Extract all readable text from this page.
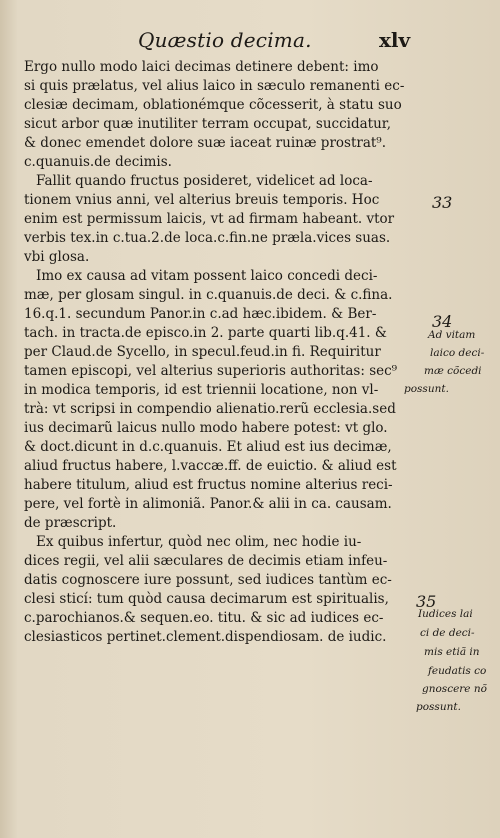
Quæstio decima.	xlv
Ergo nullo modo laici decimas detinere debent: imo
si quis prælatus, vel alius laico in sæculo remanenti ec-
clesiæ decimam, oblationémque cõcesserit, à statu suo
sicut arbor quæ inutiliter terram occupat, succidatur,
& donec emendet dolore suæ iaceat ruinæ prostrat⁹.
c.quanuis.de decimis.
Fallit quando fructus posideret, videlicet ad loca-
tionem vnius anni, vel alterius breuis temporis. Hoc
enim est permissum laicis, vt ad firmam habeant. vtor
verbis tex.in c.tua.2.de loca.c.fin.ne præla.vices suas.
vbi glosa.
Imo ex causa ad vitam possent laico concedi deci-
mæ, per glosam singul. in c.quanuis.de deci. & c.fina.
16.q.1. secundum Panor.in c.ad hæc.ibidem. & Ber-
tach. in tracta.de episco.in 2. parte quarti lib.q.41. &
per Claud.de Sycello, in specul.feud.in fi. Requiritur
tamen episcopi, vel alterius superioris authoritas: sec⁹
in modica temporis, id est triennii locatione, non vl-
trà: vt scripsi in compendio alienatio.rerũ ecclesia.sed
ius decimarũ laicus nullo modo habere potest: vt glo.
& doct.dicunt in d.c.quanuis. Et aliud est ius decimæ,
aliud fructus habere, l.vaccæ.ff. de euictio. & aliud est
habere titulum, aliud est fructus nomine alterius reci-
pere, vel fortè in alimoniã. Panor.& alii in ca. causam.
de præscript.
Ex quibus infertur, quòd nec olim, nec hodie iu-
dices regii, vel alii sæculares de decimis etiam infeu-
datis cognoscere iure possunt, sed iudices tantùm ec-
clesi sticí: tum quòd causa decimarum est spiritualis,
c.parochianos.& sequen.eo. titu. & sic ad iudices ec-
clesiasticos pertinet.clement.dispendiosam. de iudic.
33
34
35
Ad vitam
laico deci-
mæ cõcedi
possunt.
Iudices lai
ci de deci-
mis etiã in
feudatis co
gnoscere nõ
possunt.
